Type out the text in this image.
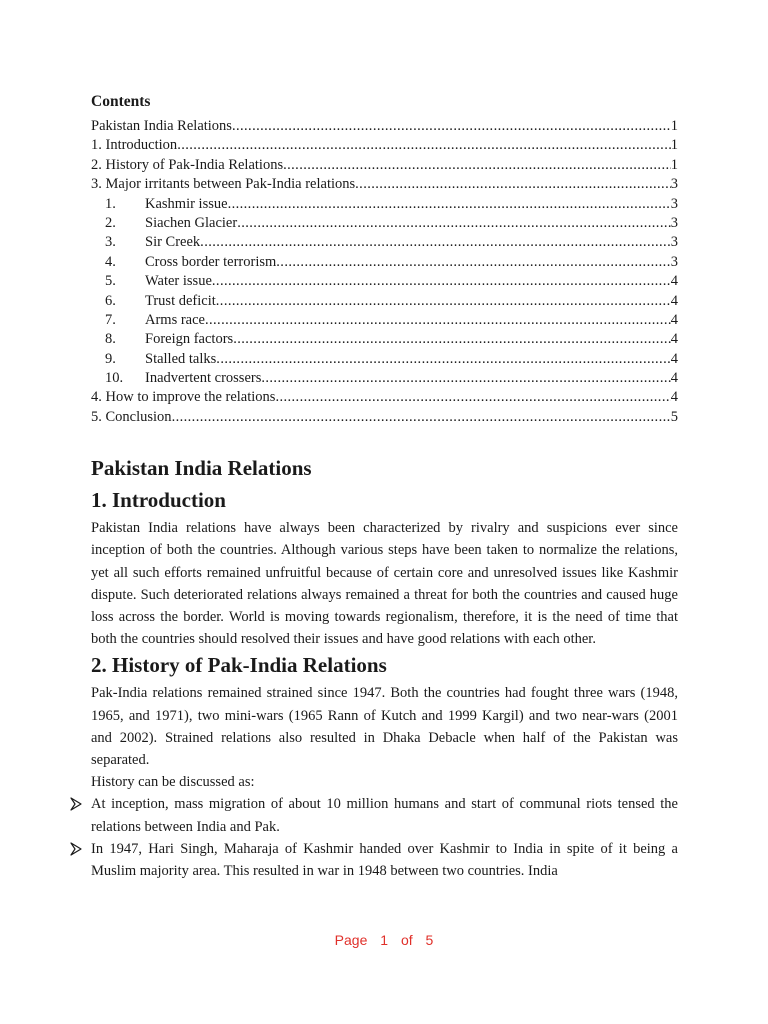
Contents
Pakistan India Relations .....	1
1. Introduction .....	1
2. History of Pak-India Relations .....	1
3. Major irritants between Pak-India relations .....	3
1.	Kashmir issue .....	3
2.	Siachen Glacier .....	3
3.	Sir Creek .....	3
4.	Cross border terrorism .....	3
5.	Water issue .....	4
6.	Trust deficit .....	4
7.	Arms race .....	4
8.	Foreign factors .....	4
9.	Stalled talks .....	4
10.	Inadvertent crossers .....	4
4. How to improve the relations .....	4
5. Conclusion .....	5
Pakistan India Relations
1. Introduction

Pakistan India relations have always been characterized by rivalry and suspicions ever since inception of both the countries. Although various steps have been taken to normalize the relations, yet all such efforts remained unfruitful because of certain core and unresolved issues like Kashmir dispute. Such deteriorated relations always remained a threat for both the countries and caused huge loss across the border. World is moving towards regionalism, therefore, it is the need of time that both the countries should resolved their issues and have good relations with each other.

2. History of Pak-India Relations

Pak-India relations remained strained since 1947. Both the countries had fought three wars (1948, 1965, and 1971), two mini-wars (1965 Rann of Kutch and 1999 Kargil) and two near-wars (2001 and 2002). Strained relations also resulted in Dhaka Debacle when half of the Pakistan was separated.

History can be discussed as:

At inception, mass migration of about 10 million humans and start of communal riots tensed the relations between India and Pak.
In 1947, Hari Singh, Maharaja of Kashmir handed over Kashmir to India in spite of it being a Muslim majority area. This resulted in war in 1948 between two countries. India
Page 1 of 5
